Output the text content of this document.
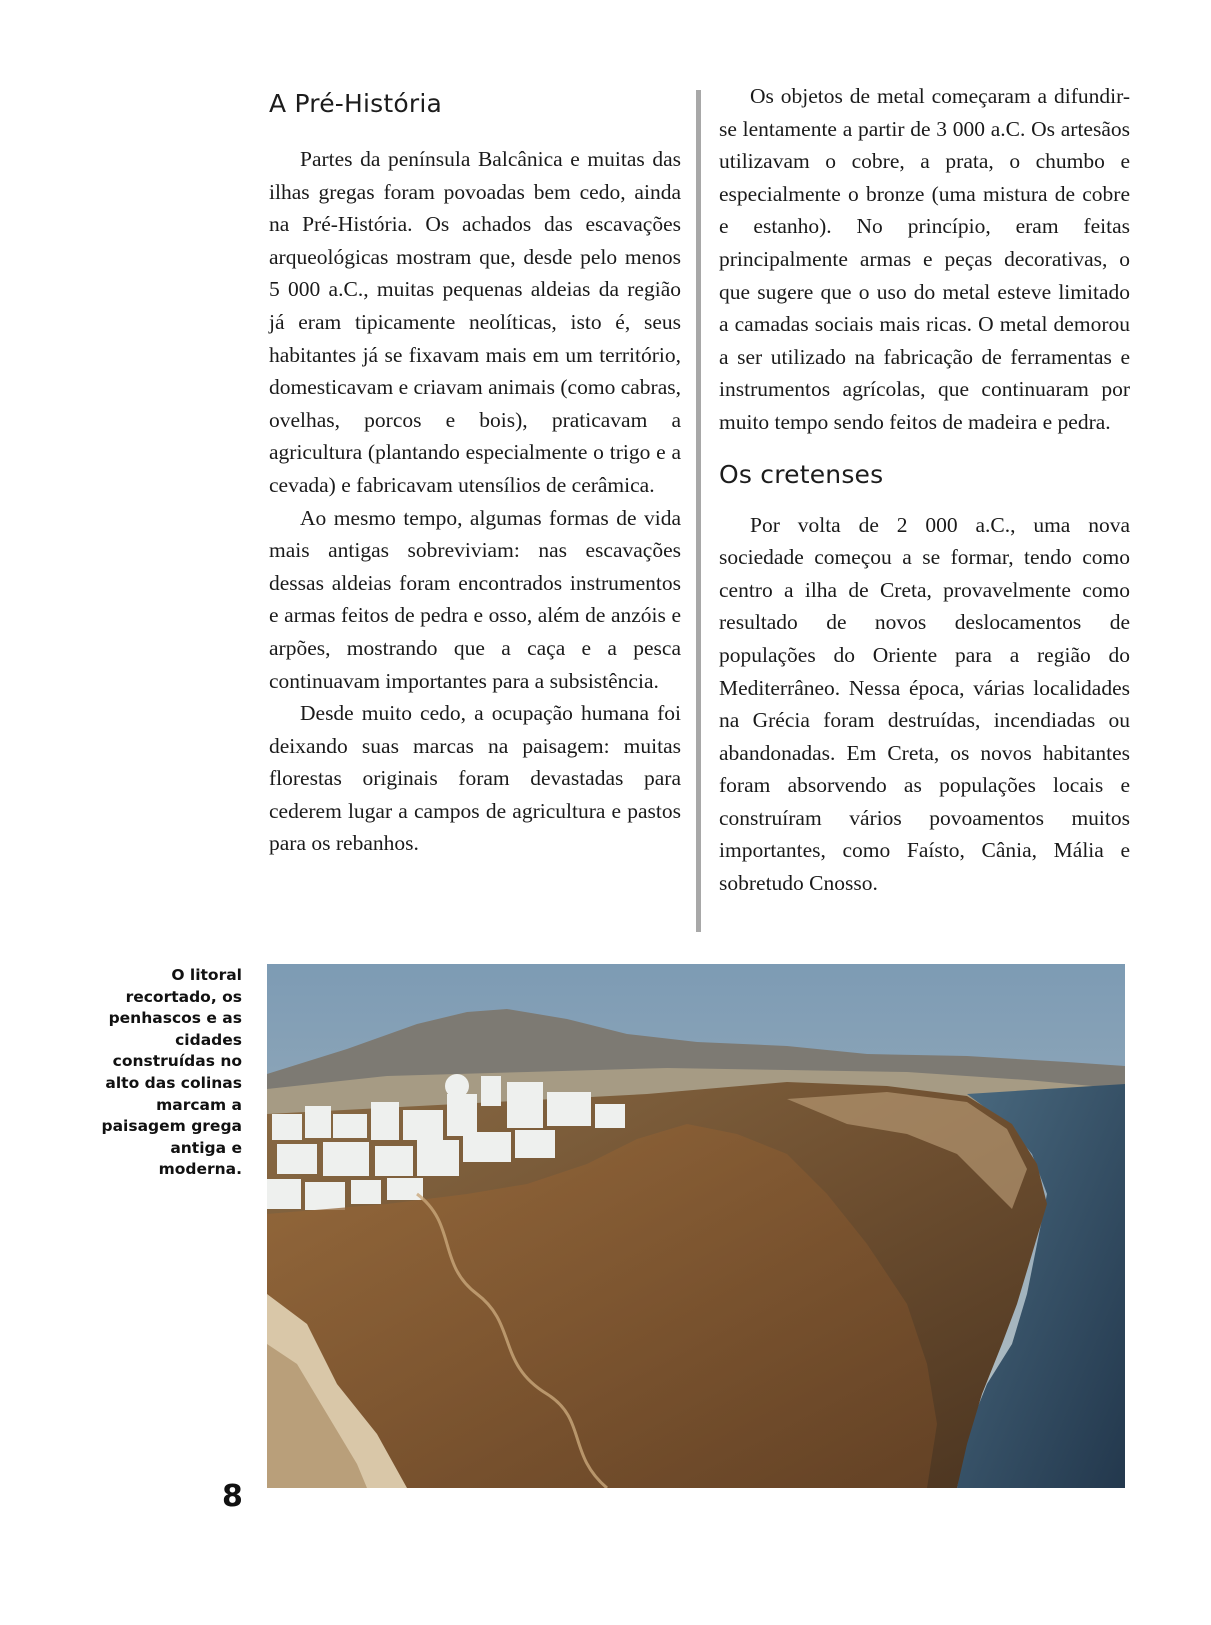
A Pré-História

Partes da península Balcânica e muitas das ilhas gregas foram povoadas bem cedo, ainda na Pré-História. Os achados das escavações arqueológicas mostram que, desde pelo menos 5 000 a.C., muitas pequenas aldeias da região já eram tipicamente neolíticas, isto é, seus habitantes já se fixavam mais em um território, domesticavam e criavam animais (como cabras, ovelhas, porcos e bois), praticavam a agricultura (plantando especialmente o trigo e a cevada) e fabricavam utensílios de cerâmica.

Ao mesmo tempo, algumas formas de vida mais antigas sobreviviam: nas escavações dessas aldeias foram encontrados instrumentos e armas feitos de pedra e osso, além de anzóis e arpões, mostrando que a caça e a pesca continuavam importantes para a subsistência.

Desde muito cedo, a ocupação humana foi deixando suas marcas na paisagem: muitas florestas originais foram devastadas para cederem lugar a campos de agricultura e pastos para os rebanhos.

Os objetos de metal começaram a difundir-se lentamente a partir de 3 000 a.C. Os artesãos utilizavam o cobre, a prata, o chumbo e especialmente o bronze (uma mistura de cobre e estanho). No princípio, eram feitas principalmente armas e peças decorativas, o que sugere que o uso do metal esteve limitado a camadas sociais mais ricas. O metal demorou a ser utilizado na fabricação de ferramentas e instrumentos agrícolas, que continuaram por muito tempo sendo feitos de madeira e pedra.

Os cretenses

Por volta de 2 000 a.C., uma nova sociedade começou a se formar, tendo como centro a ilha de Creta, provavelmente como resultado de novos deslocamentos de populações do Oriente para a região do Mediterrâneo. Nessa época, várias localidades na Grécia foram destruídas, incendiadas ou abandonadas. Em Creta, os novos habitantes foram absorvendo as populações locais e construíram vários povoamentos muitos importantes, como Faísto, Cânia, Mália e sobretudo Cnosso.

O litoral recortado, os penhascos e as cidades construídas no alto das colinas marcam a paisagem grega antiga e moderna.
8
